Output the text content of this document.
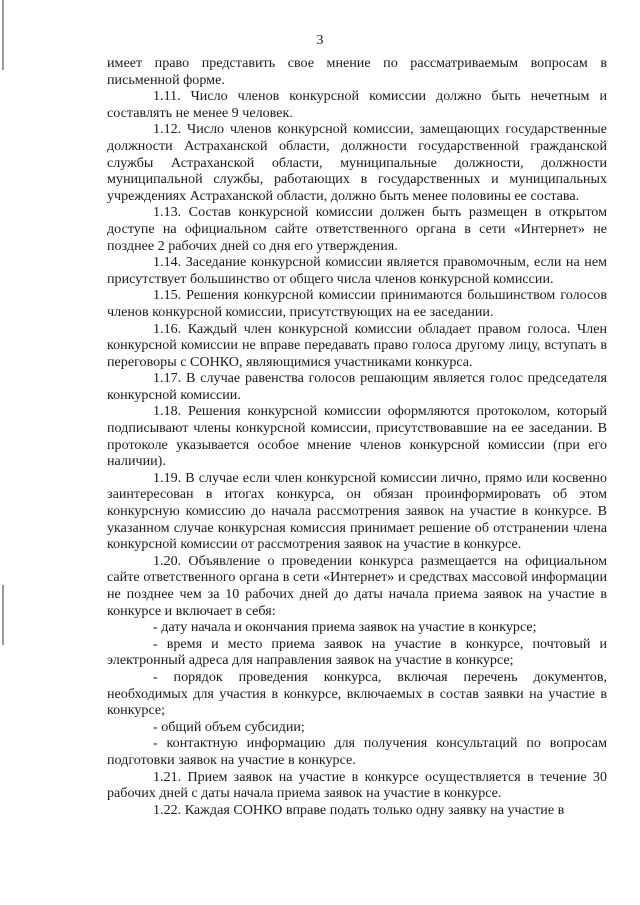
3

имеет право представить свое мнение по рассматриваемым вопросам в письменной форме.

1.11. Число членов конкурсной комиссии должно быть нечетным и составлять не менее 9 человек.

1.12. Число членов конкурсной комиссии, замещающих государственные должности Астраханской области, должности государственной гражданской службы Астраханской области, муниципальные должности, должности муниципальной службы, работающих в государственных и муниципальных учреждениях Астраханской области, должно быть менее половины ее состава.

1.13. Состав конкурсной комиссии должен быть размещен в открытом доступе на официальном сайте ответственного органа в сети «Интернет» не позднее 2 рабочих дней со дня его утверждения.

1.14. Заседание конкурсной комиссии является правомочным, если на нем присутствует большинство от общего числа членов конкурсной комиссии.

1.15. Решения конкурсной комиссии принимаются большинством голосов членов конкурсной комиссии, присутствующих на ее заседании.

1.16. Каждый член конкурсной комиссии обладает правом голоса. Член конкурсной комиссии не вправе передавать право голоса другому лицу, вступать в переговоры с СОНКО, являющимися участниками конкурса.

1.17. В случае равенства голосов решающим является голос председателя конкурсной комиссии.

1.18. Решения конкурсной комиссии оформляются протоколом, который подписывают члены конкурсной комиссии, присутствовавшие на ее заседании. В протоколе указывается особое мнение членов конкурсной комиссии (при его наличии).

1.19. В случае если член конкурсной комиссии лично, прямо или косвенно заинтересован в итогах конкурса, он обязан проинформировать об этом конкурсную комиссию до начала рассмотрения заявок на участие в конкурсе. В указанном случае конкурсная комиссия принимает решение об отстранении члена конкурсной комиссии от рассмотрения заявок на участие в конкурсе.

1.20. Объявление о проведении конкурса размещается на официальном сайте ответственного органа в сети «Интернет» и средствах массовой информации не позднее чем за 10 рабочих дней до даты начала приема заявок на участие в конкурсе и включает в себя:

- дату начала и окончания приема заявок на участие в конкурсе;

- время и место приема заявок на участие в конкурсе, почтовый и электронный адреса для направления заявок на участие в конкурсе;

- порядок проведения конкурса, включая перечень документов, необходимых для участия в конкурсе, включаемых в состав заявки на участие в конкурсе;

- общий объем субсидии;

- контактную информацию для получения консультаций по вопросам подготовки заявок на участие в конкурсе.

1.21. Прием заявок на участие в конкурсе осуществляется в течение 30 рабочих дней с даты начала приема заявок на участие в конкурсе.

1.22. Каждая СОНКО вправе подать только одну заявку на участие в
